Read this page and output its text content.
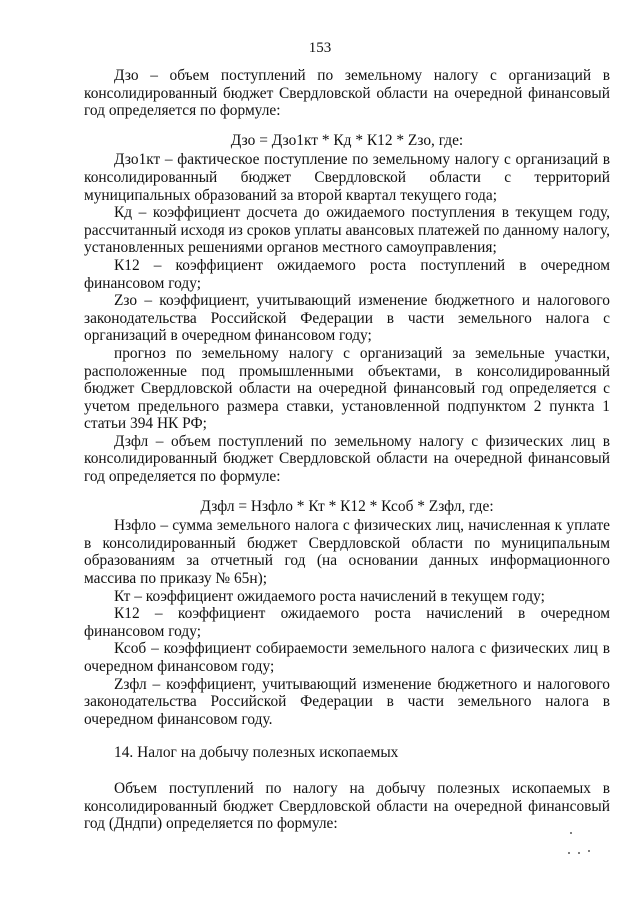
153

Дзо – объем поступлений по земельному налогу с организаций в консолидированный бюджет Свердловской области на очередной финансовый год определяется по формуле:

Дзо = Дзо1кт * Кд * К12 * Zзо, где:

Дзо1кт – фактическое поступление по земельному налогу с организаций в консолидированный бюджет Свердловской области с территорий муниципальных образований за второй квартал текущего года;

Кд – коэффициент досчета до ожидаемого поступления в текущем году, рассчитанный исходя из сроков уплаты авансовых платежей по данному налогу, установленных решениями органов местного самоуправления;

К12 – коэффициент ожидаемого роста поступлений в очередном финансовом году;

Zзо – коэффициент, учитывающий изменение бюджетного и налогового законодательства Российской Федерации в части земельного налога с организаций в очередном финансовом году;

прогноз по земельному налогу с организаций за земельные участки, расположенные под промышленными объектами, в консолидированный бюджет Свердловской области на очередной финансовый год определяется с учетом предельного размера ставки, установленной подпунктом 2 пункта 1 статьи 394 НК РФ;

Дзфл – объем поступлений по земельному налогу с физических лиц в консолидированный бюджет Свердловской области на очередной финансовый год определяется по формуле:

Дзфл = Нзфло * Кт * К12 * Ксоб * Zзфл, где:

Нзфло – сумма земельного налога с физических лиц, начисленная к уплате в консолидированный бюджет Свердловской области по муниципальным образованиям за отчетный год (на основании данных информационного массива по приказу № 65н);

Кт – коэффициент ожидаемого роста начислений в текущем году;

К12 – коэффициент ожидаемого роста начислений в очередном финансовом году;

Ксоб – коэффициент собираемости земельного налога с физических лиц в очередном финансовом году;

Zзфл – коэффициент, учитывающий изменение бюджетного и налогового законодательства Российской Федерации в части земельного налога в очередном финансовом году.

14. Налог на добычу полезных ископаемых

Объем поступлений по налогу на добычу полезных ископаемых в консолидированный бюджет Свердловской области на очередной финансовый год (Дндпи) определяется по формуле:
